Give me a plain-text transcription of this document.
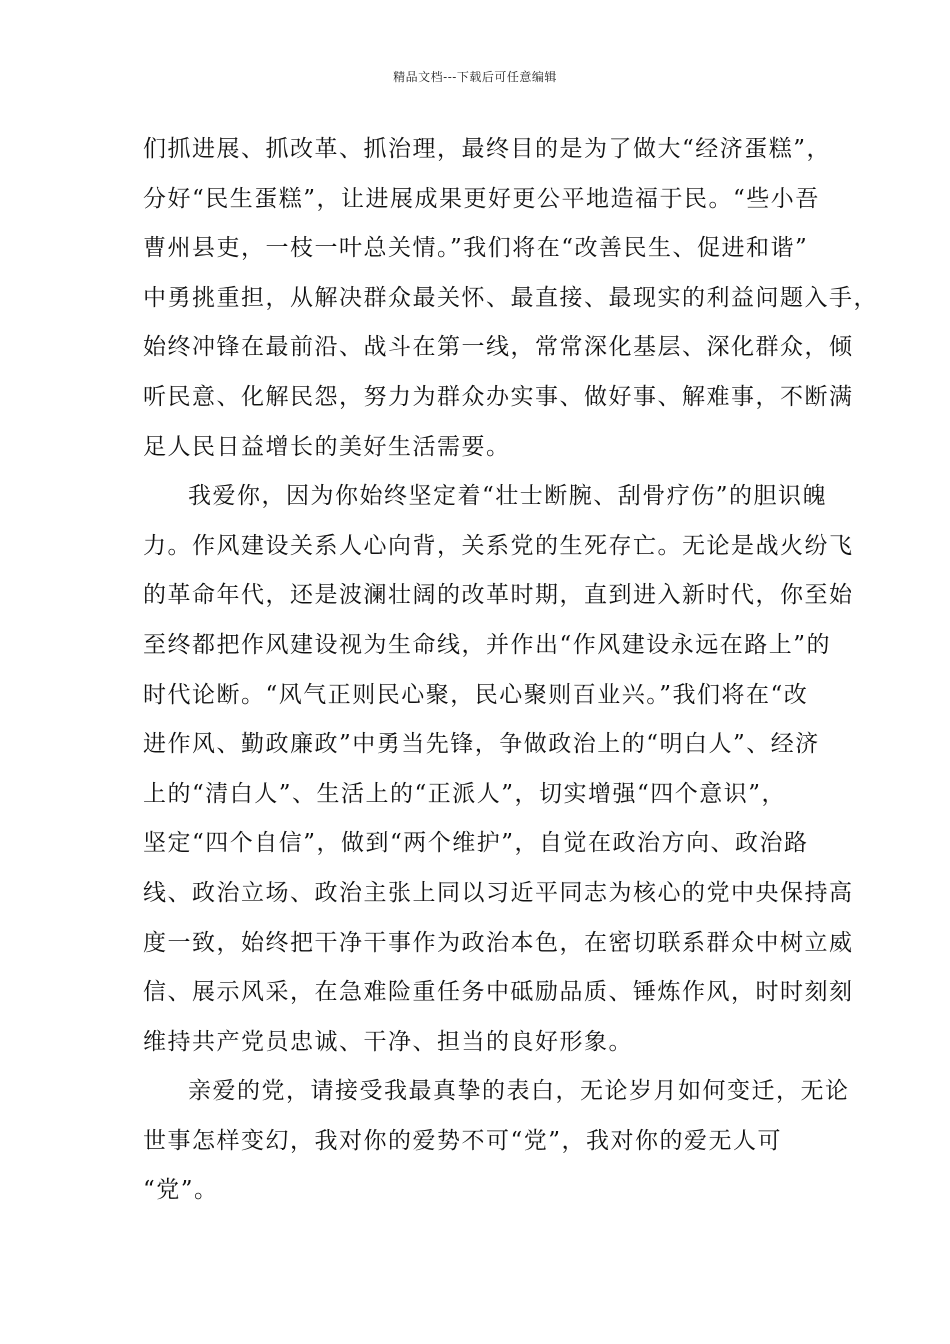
精品文档---下载后可任意编辑

们抓进展、抓改革、抓治理，最终目的是为了做大“经济蛋糕”，
分好“民生蛋糕”，让进展成果更好更公平地造福于民。“些小吾
曹州县吏，一枝一叶总关情。”我们将在“改善民生、促进和谐”
中勇挑重担，从解决群众最关怀、最直接、最现实的利益问题入手，
始终冲锋在最前沿、战斗在第一线，常常深化基层、深化群众，倾
听民意、化解民怨，努力为群众办实事、做好事、解难事，不断满
足人民日益增长的美好生活需要。

我爱你，因为你始终坚定着“壮士断腕、刮骨疗伤”的胆识魄
力。作风建设关系人心向背，关系党的生死存亡。无论是战火纷飞
的革命年代，还是波澜壮阔的改革时期，直到进入新时代，你至始
至终都把作风建设视为生命线，并作出“作风建设永远在路上”的
时代论断。“风气正则民心聚，民心聚则百业兴。”我们将在“改
进作风、勤政廉政”中勇当先锋，争做政治上的“明白人”、经济
上的“清白人”、生活上的“正派人”，切实增强“四个意识”，
坚定“四个自信”，做到“两个维护”，自觉在政治方向、政治路
线、政治立场、政治主张上同以习近平同志为核心的党中央保持高
度一致，始终把干净干事作为政治本色，在密切联系群众中树立威
信、展示风采，在急难险重任务中砥励品质、锤炼作风，时时刻刻
维持共产党员忠诚、干净、担当的良好形象。

亲爱的党，请接受我最真挚的表白，无论岁月如何变迁，无论
世事怎样变幻，我对你的爱势不可“党”，我对你的爱无人可
“党”。
